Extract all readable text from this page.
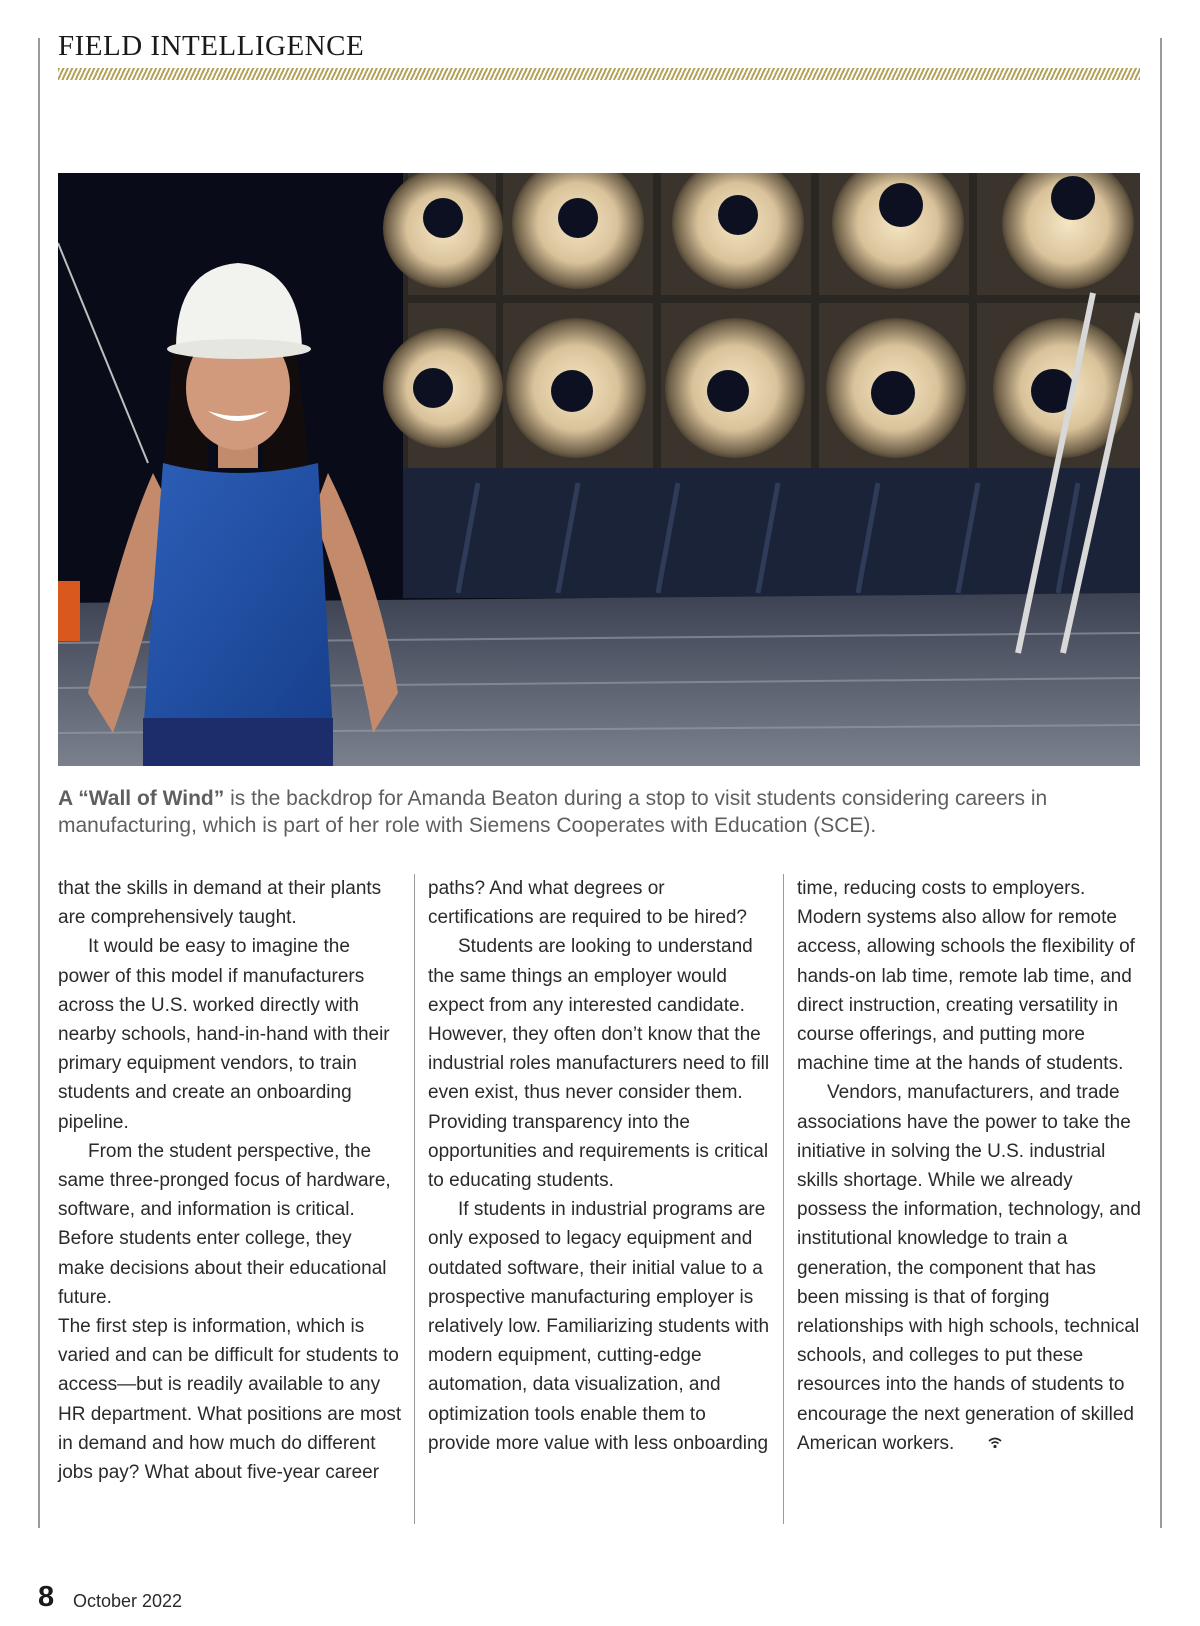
FIELD INTELLIGENCE

A “Wall of Wind” is the backdrop for Amanda Beaton during a stop to visit students considering careers in manufacturing, which is part of her role with Siemens Cooperates with Education (SCE).

that the skills in demand at their plants are comprehensively taught.

It would be easy to imagine the power of this model if manufacturers across the U.S. worked directly with nearby schools, hand-in-hand with their primary equipment vendors, to train students and create an onboarding pipeline.

From the student perspective, the same three-pronged focus of hardware, software, and information is critical. Before students enter college, they make decisions about their educational future.

The first step is information, which is varied and can be difficult for students to access—but is readily available to any HR department. What positions are most in demand and how much do different jobs pay? What about five-year career

paths? And what degrees or certifications are required to be hired?

Students are looking to understand the same things an employer would expect from any interested candidate. However, they often don’t know that the industrial roles manufacturers need to fill even exist, thus never consider them. Providing transparency into the opportunities and requirements is critical to educating students.

If students in industrial programs are only exposed to legacy equipment and outdated software, their initial value to a prospective manufacturing employer is relatively low. Familiarizing students with modern equipment, cutting-edge automation, data visualization, and optimization tools enable them to provide more value with less onboarding

time, reducing costs to employers. Modern systems also allow for remote access, allowing schools the flexibility of hands-on lab time, remote lab time, and direct instruction, creating versatility in course offerings, and putting more machine time at the hands of students.

Vendors, manufacturers, and trade associations have the power to take the initiative in solving the U.S. industrial skills shortage. While we already possess the information, technology, and institutional knowledge to train a generation, the component that has been missing is that of forging relationships with high schools, technical schools, and colleges to put these resources into the hands of students to encourage the next generation of skilled American workers.

8 October 2022
